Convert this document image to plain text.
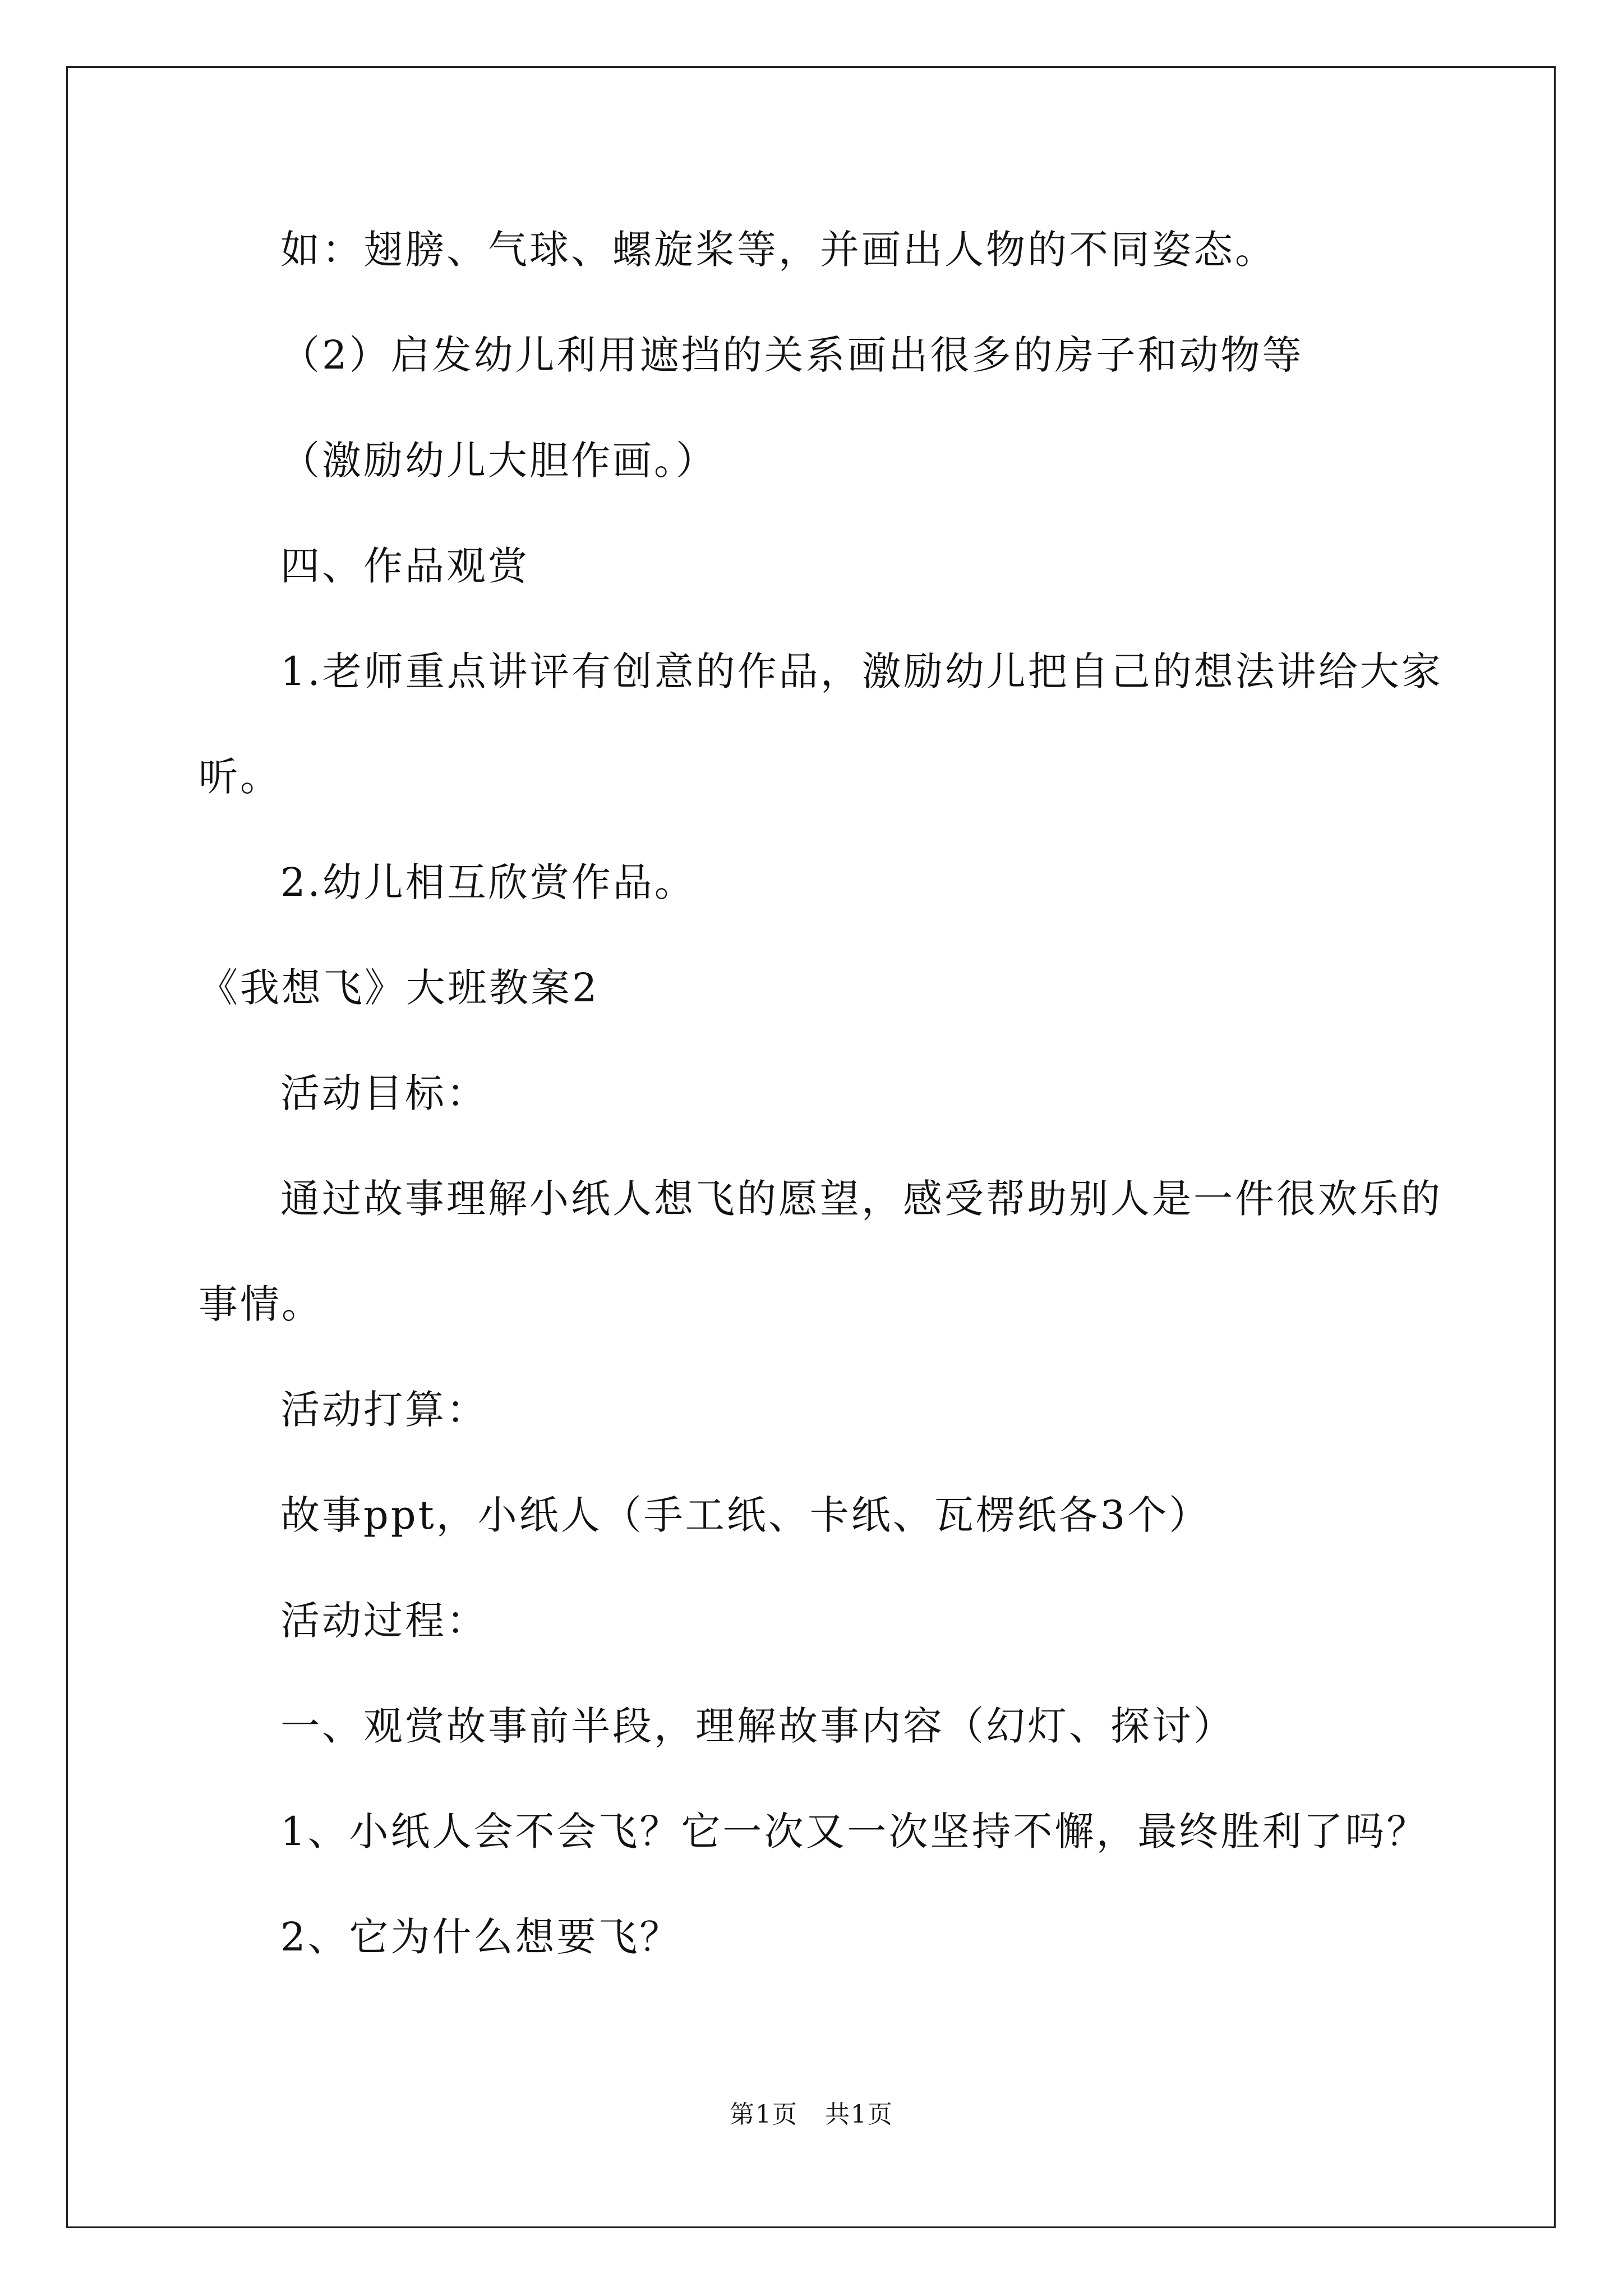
如：翅膀、气球、螺旋桨等，并画出人物的不同姿态。
（2）启发幼儿利用遮挡的关系画出很多的房子和动物等
（激励幼儿大胆作画。）
四、作品观赏
1.老师重点讲评有创意的作品，激励幼儿把自己的想法讲给大家
听。
2.幼儿相互欣赏作品。
《我想飞》大班教案2
活动目标：
通过故事理解小纸人想飞的愿望，感受帮助别人是一件很欢乐的
事情。
活动打算：
故事ppt，小纸人（手工纸、卡纸、瓦楞纸各3个）
活动过程：
一、观赏故事前半段，理解故事内容（幻灯、探讨）
1、小纸人会不会飞？它一次又一次坚持不懈，最终胜利了吗？
2、它为什么想要飞？
第1页   共1页
